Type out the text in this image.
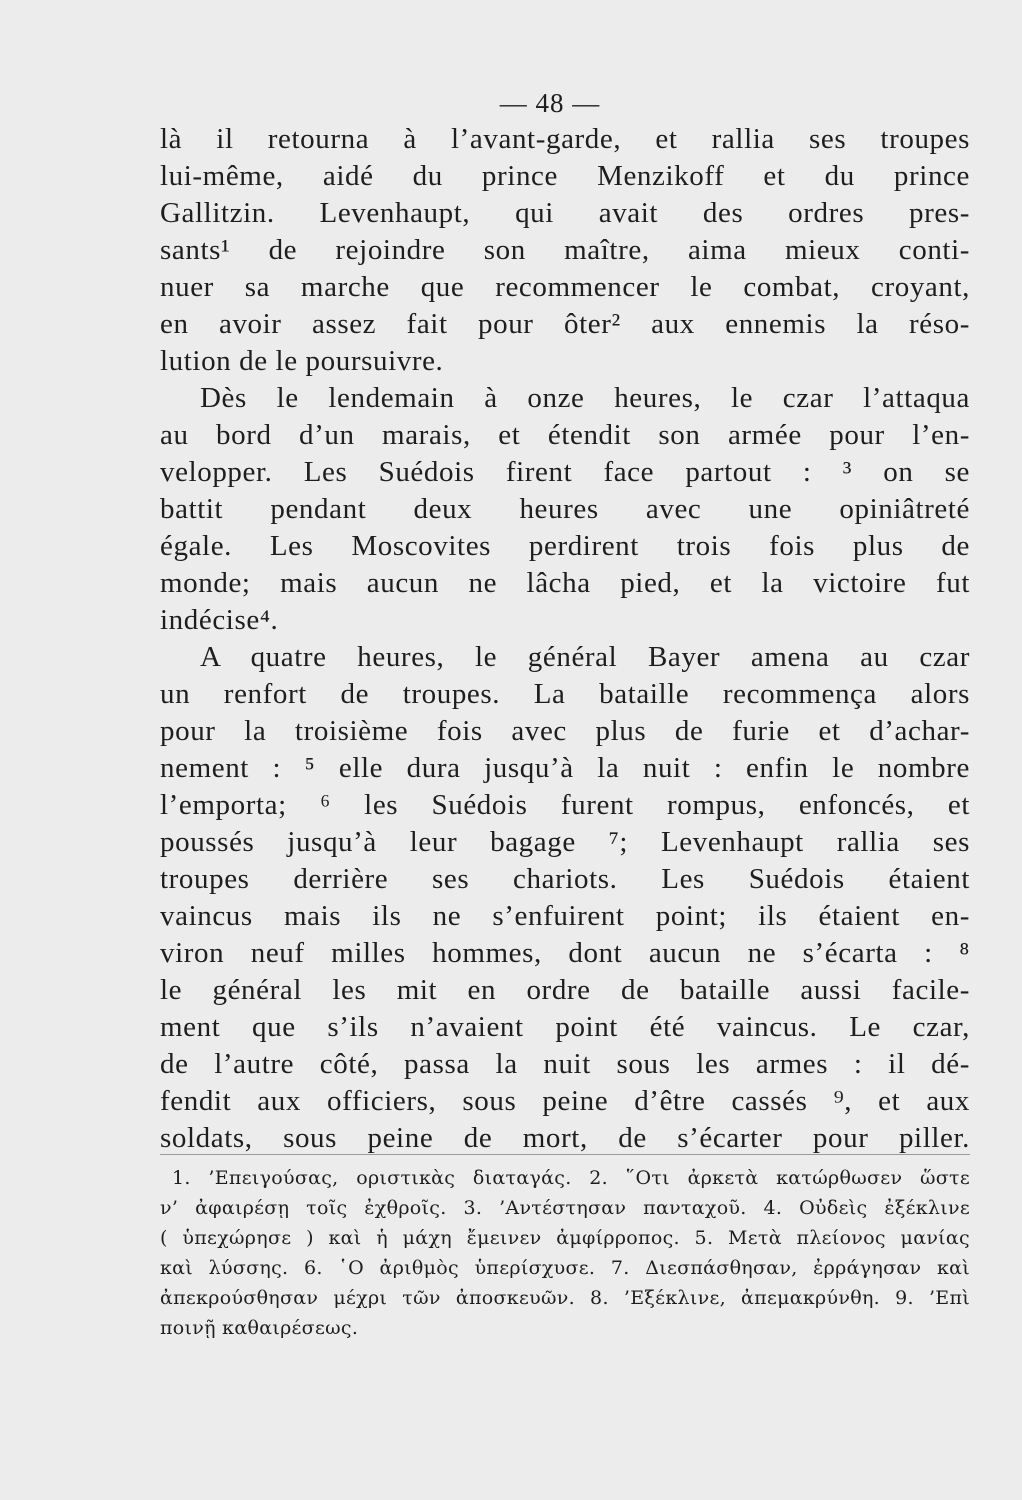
— 48 —
là il retourna à l’avant-garde, et rallia ses troupes
lui-même, aidé du prince Menzikoff et du prince
Gallitzin. Levenhaupt, qui avait des ordres pres-
sants¹ de rejoindre son maître, aima mieux conti-
nuer sa marche que recommencer le combat, croyant,
en avoir assez fait pour ôter² aux ennemis la réso-
lution de le poursuivre.
Dès le lendemain à onze heures, le czar l’attaqua
au bord d’un marais, et étendit son armée pour l’en-
velopper. Les Suédois firent face partout : ³ on se
battit pendant deux heures avec une opiniâtreté
égale. Les Moscovites perdirent trois fois plus de
monde; mais aucun ne lâcha pied, et la victoire fut
indécise⁴.
A quatre heures, le général Bayer amena au czar
un renfort de troupes. La bataille recommença alors
pour la troisième fois avec plus de furie et d’achar-
nement : ⁵ elle dura jusqu’à la nuit : enfin le nombre
l’emporta; ⁶ les Suédois furent rompus, enfoncés, et
poussés jusqu’à leur bagage ⁷; Levenhaupt rallia ses
troupes derrière ses chariots. Les Suédois étaient
vaincus mais ils ne s’enfuirent point; ils étaient en-
viron neuf milles hommes, dont aucun ne s’écarta : ⁸
le général les mit en ordre de bataille aussi facile-
ment que s’ils n’avaient point été vaincus. Le czar,
de l’autre côté, passa la nuit sous les armes : il dé-
fendit aux officiers, sous peine d’être cassés ⁹, et aux
soldats, sous peine de mort, de s’écarter pour piller.
1. ’Επειγούσας, οριστικὰς διαταγάς. 2. ῞Οτι ἀρκετὰ κατώρθωσεν ὥστε
ν’ ἀφαιρέσῃ τοῖς ἐχθροῖς. 3. ’Αντέστησαν πανταχοῦ. 4. Οὐδεὶς ἐξέκλινε
( ὑπεχώρησε ) καὶ ἡ μάχη ἔμεινεν ἀμφίρροπος. 5. Μετὰ πλείονος μανίας
καὶ λύσσης. 6. ῾Ο ἀριθμὸς ὑπερίσχυσε. 7. Διεσπάσθησαν, ἐρράγησαν καὶ
ἀπεκρούσθησαν μέχρι τῶν ἀποσκευῶν. 8. ’Εξέκλινε, ἀπεμακρύνθη. 9. ’Επὶ
ποινῇ καθαιρέσεως.
